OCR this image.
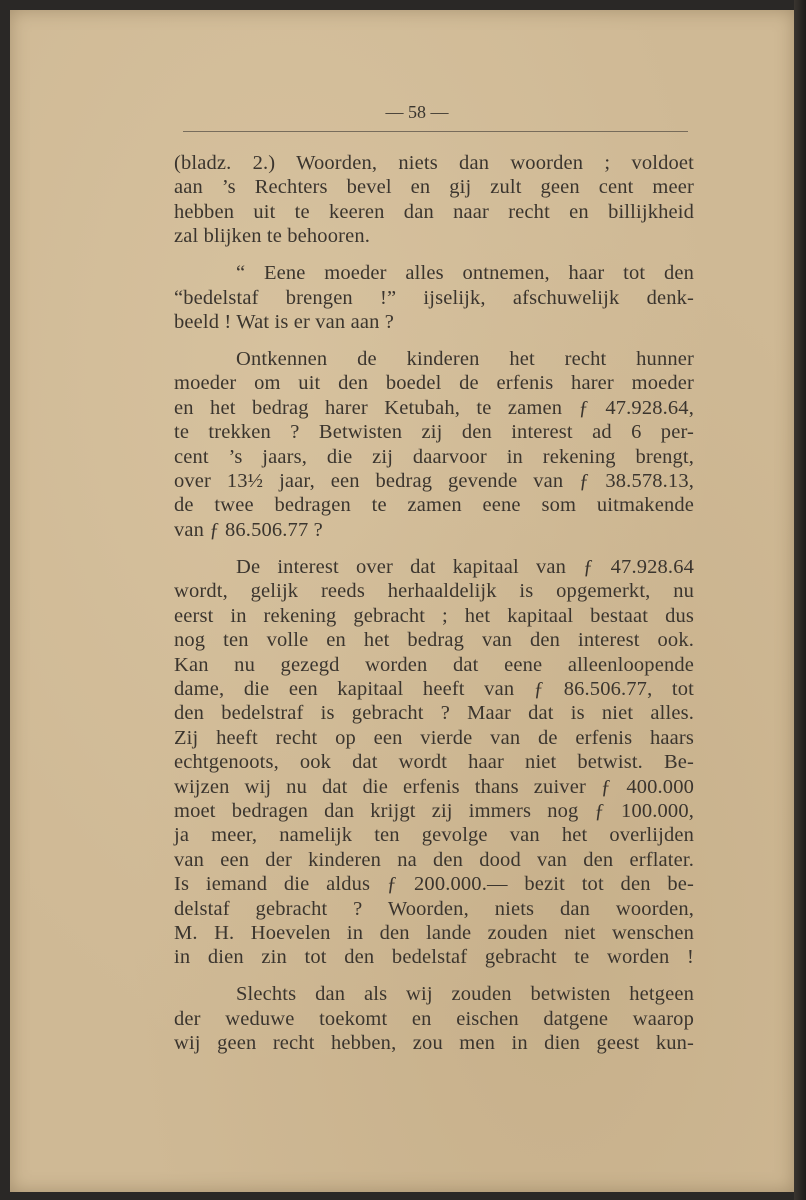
— 58 —
(bladz. 2.) Woorden, niets dan woorden ; voldoet
aan ’s Rechters bevel en gij zult geen cent meer
hebben uit te keeren dan naar recht en billijkheid
zal blijken te behooren.
“ Eene moeder alles ontnemen, haar tot den
“bedelstaf brengen !” ijselijk, afschuwelijk denk-
beeld ! Wat is er van aan ?
Ontkennen de kinderen het recht hunner
moeder om uit den boedel de erfenis harer moeder
en het bedrag harer Ketubah, te zamen ƒ 47.928.64,
te trekken ? Betwisten zij den interest ad 6 per-
cent ’s jaars, die zij daarvoor in rekening brengt,
over 13½ jaar, een bedrag gevende van ƒ 38.578.13,
de twee bedragen te zamen eene som uitmakende
van ƒ 86.506.77 ?
De interest over dat kapitaal van ƒ 47.928.64
wordt, gelijk reeds herhaaldelijk is opgemerkt, nu
eerst in rekening gebracht ; het kapitaal bestaat dus
nog ten volle en het bedrag van den interest ook.
Kan nu gezegd worden dat eene alleenloopende
dame, die een kapitaal heeft van ƒ 86.506.77, tot
den bedelstraf is gebracht ? Maar dat is niet alles.
Zij heeft recht op een vierde van de erfenis haars
echtgenoots, ook dat wordt haar niet betwist. Be-
wijzen wij nu dat die erfenis thans zuiver ƒ 400.000
moet bedragen dan krijgt zij immers nog ƒ 100.000,
ja meer, namelijk ten gevolge van het overlijden
van een der kinderen na den dood van den erflater.
Is iemand die aldus ƒ 200.000.— bezit tot den be-
delstaf gebracht ? Woorden, niets dan woorden,
M. H. Hoevelen in den lande zouden niet wenschen
in dien zin tot den bedelstaf gebracht te worden !
Slechts dan als wij zouden betwisten hetgeen
der weduwe toekomt en eischen datgene waarop
wij geen recht hebben, zou men in dien geest kun-
